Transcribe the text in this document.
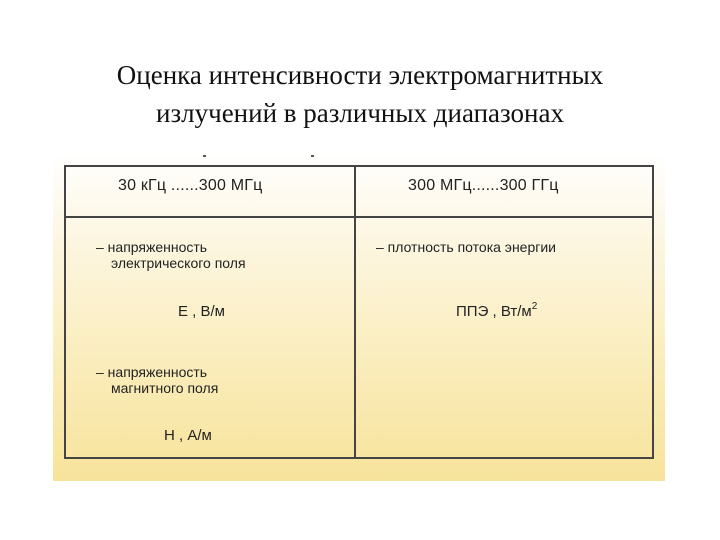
Оценка интенсивности электромагнитных
излучений в различных диапазонах
30 кГц ......300 МГц	300 МГц......300 ГГц
– напряженность
электрического поля
Е , В/м
– напряженность
магнитного поля
Н , А/м
– плотность потока энергии
ППЭ , $Вт/м^2$
